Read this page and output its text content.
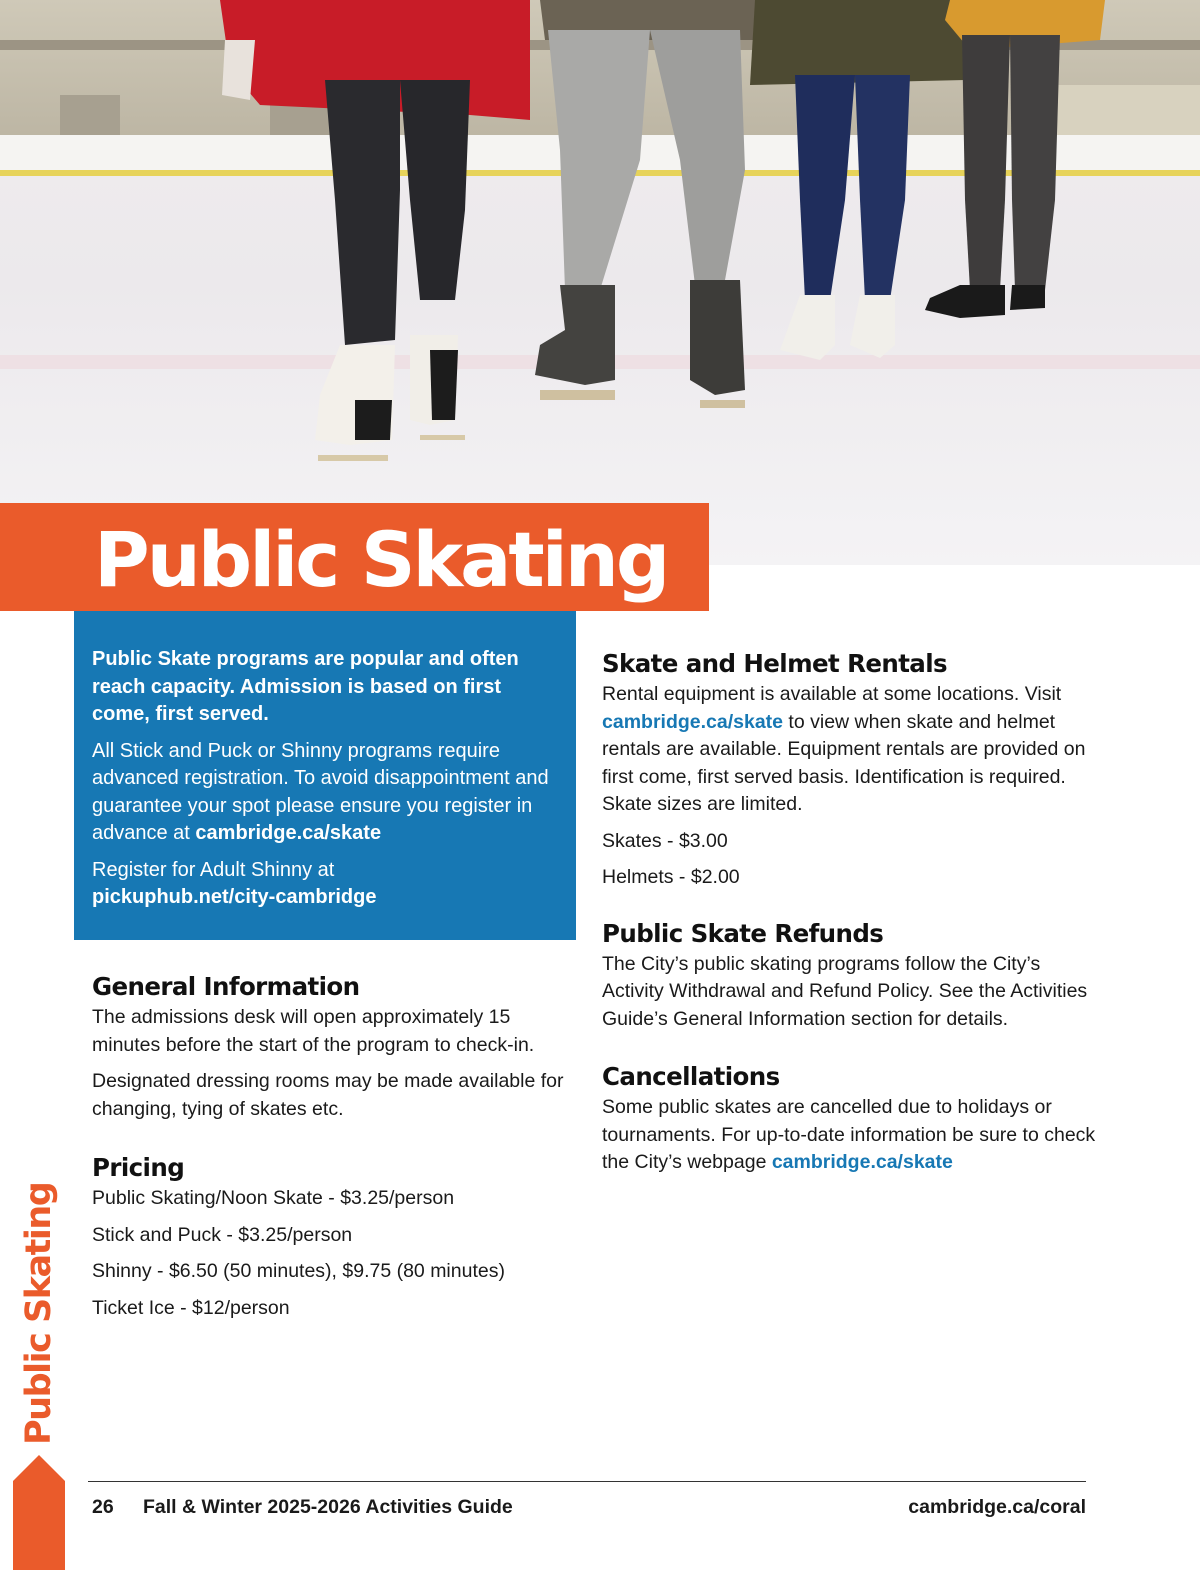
Public Skating

Public Skate programs are popular and often reach capacity. Admission is based on first come, first served.

All Stick and Puck or Shinny programs require advanced registration. To avoid disappointment and guarantee your spot please ensure you register in advance at cambridge.ca/skate

Register for Adult Shinny at
pickuphub.net/city-cambridge

General Information

The admissions desk will open approximately 15 minutes before the start of the program to check-in.

Designated dressing rooms may be made available for changing, tying of skates etc.

Pricing

Public Skating/Noon Skate - $3.25/person

Stick and Puck - $3.25/person

Shinny - $6.50 (50 minutes), $9.75 (80 minutes)

Ticket Ice - $12/person

Skate and Helmet Rentals

Rental equipment is available at some locations. Visit cambridge.ca/skate to view when skate and helmet rentals are available. Equipment rentals are provided on first come, first served basis. Identification is required. Skate sizes are limited.

Skates - $3.00

Helmets - $2.00

Public Skate Refunds

The City’s public skating programs follow the City’s Activity Withdrawal and Refund Policy. See the Activities Guide’s General Information section for details.

Cancellations

Some public skates are cancelled due to holidays or tournaments. For up-to-date information be sure to check the City’s webpage cambridge.ca/skate

Public Skating
26 Fall & Winter 2025-2026 Activities Guide	cambridge.ca/coral
